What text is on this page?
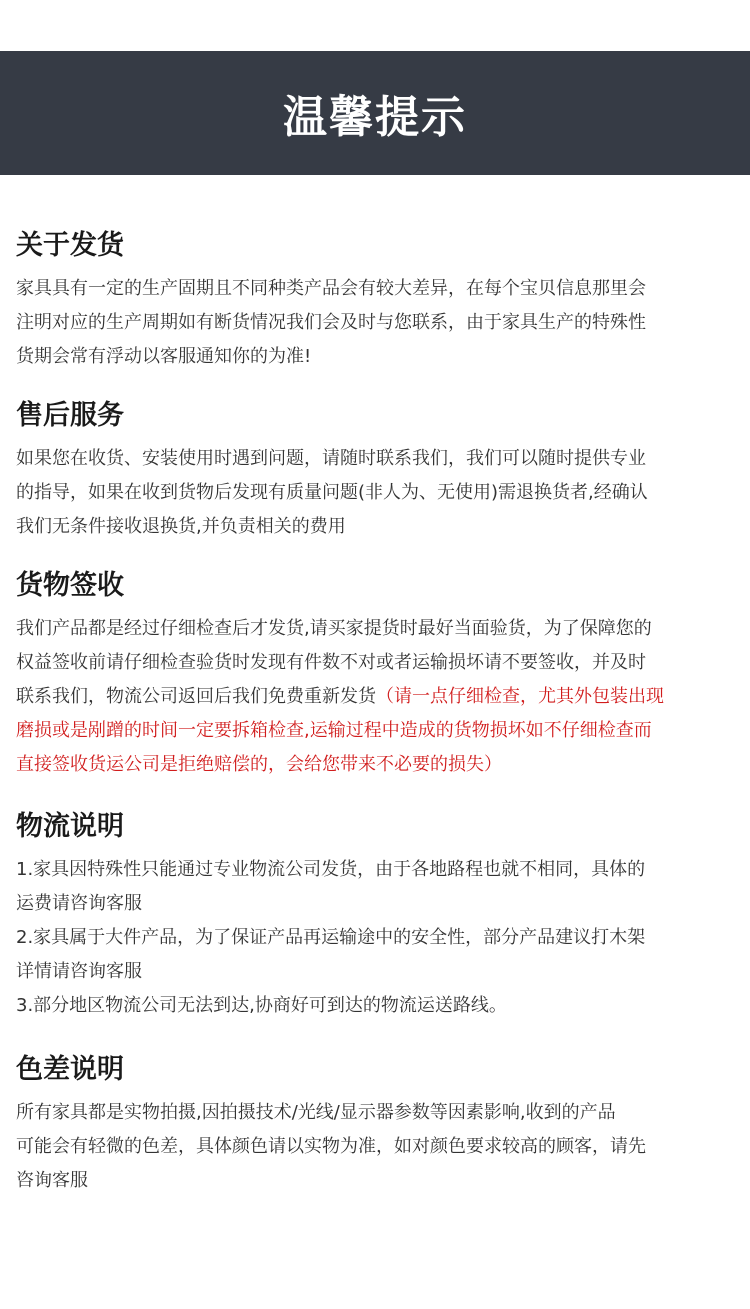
温馨提示
关于发货

家具具有一定的生产固期且不同种类产品会有较大差异，在每个宝贝信息那里会
注明对应的生产周期如有断货情况我们会及时与您联系，由于家具生产的特殊性
货期会常有浮动以客服通知你的为准!

售后服务

如果您在收货、安装使用时遇到问题，请随时联系我们，我们可以随时提供专业
的指导，如果在收到货物后发现有质量问题(非人为、无使用)需退换货者,经确认
我们无条件接收退换货,并负责相关的费用

货物签收

我们产品都是经过仔细检查后才发货,请买家提货时最好当面验货，为了保障您的
权益签收前请仔细检查验货时发现有件数不对或者运输损坏请不要签收，并及时
联系我们，物流公司返回后我们免费重新发货（请一点仔细检查，尤其外包装出现
磨损或是剐蹭的时间一定要拆箱检查,运输过程中造成的货物损坏如不仔细检查而
直接签收货运公司是拒绝赔偿的，会给您带来不必要的损失）

物流说明

1.家具因特殊性只能通过专业物流公司发货，由于各地路程也就不相同，具体的
运费请咨询客服

2.家具属于大件产品，为了保证产品再运输途中的安全性，部分产品建议打木架
详情请咨询客服

3.部分地区物流公司无法到达,协商好可到达的物流运送路线。

色差说明

所有家具都是实物拍摄,因拍摄技术/光线/显示器参数等因素影响,收到的产品
可能会有轻微的色差，具体颜色请以实物为准，如对颜色要求较高的顾客，请先
咨询客服
